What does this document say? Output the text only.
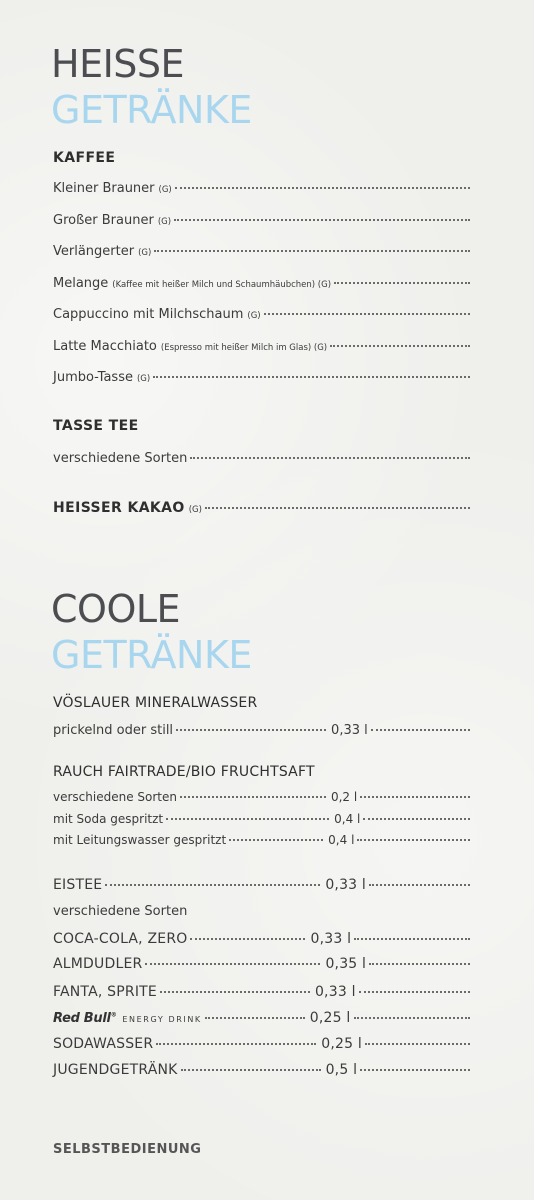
HEISSE
GETRÄNKE
KAFFEE
Kleiner Brauner (G)
Großer Brauner (G)
Verlängerter (G)
Melange (Kaffee mit heißer Milch und Schaumhäubchen) (G)
Cappuccino mit Milchschaum (G)
Latte Macchiato (Espresso mit heißer Milch im Glas) (G)
Jumbo-Tasse (G)
TASSE TEE
verschiedene Sorten
HEISSER KAKAO (G)
COOLE
GETRÄNKE
VÖSLAUER MINERALWASSER
prickelnd oder still	0,33 l
RAUCH FAIRTRADE/BIO FRUCHTSAFT
verschiedene Sorten	0,2 l
mit Soda gespritzt	0,4 l
mit Leitungswasser gespritzt	0,4 l
EISTEE	0,33 l
verschiedene Sorten
COCA-COLA, ZERO	0,33 l
ALMDUDLER	0,35 l
FANTA, SPRITE	0,33 l
Red Bull® ENERGY DRINK	0,25 l
SODAWASSER	0,25 l
JUGENDGETRÄNK	0,5 l
SELBSTBEDIENUNG
